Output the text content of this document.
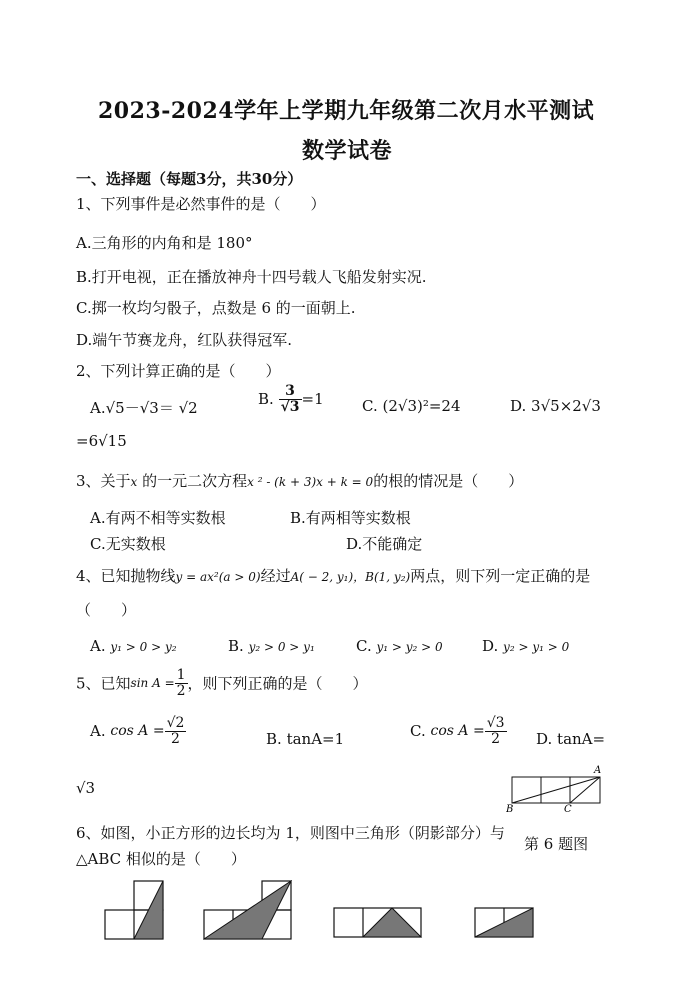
2023-2024学年上学期九年级第二次月水平测试
数学试卷
一、选择题（每题3分，共30分）
1、下列事件是必然事件的是（　　）
A.三角形的内角和是 180°
B.打开电视，正在播放神舟十四号载人飞船发射实况.
C.掷一枚均匀骰子，点数是 6 的一面朝上.
D.端午节赛龙舟，红队获得冠军.
2、下列计算正确的是（　　）
A.√5－√3＝ √2	B. $\frac{3}{√3} =1$	C. (2√3)²=24	D. 3√5×2√3
=6√15
3、关于x 的一元二次方程x ² - (k + 3)x + k = 0的根的情况是（　　）
A.有两不相等实数根	B.有两相等实数根
C.无实数根	D.不能确定
4、已知抛物线y = ax²(a > 0)经过A( − 2, y₁)，B(1, y₂)两点，则下列一定正确的是
（　　）
A. y₁ > 0 > y₂	B. y₂ > 0 > y₁	C. y₁ > y₂ > 0	D. y₂ > y₁ > 0
5、已知$\sin A = \frac{1}{2}$ ，则下列正确的是（　　）
A. $\cos A = \frac{√2}{2}$	B. tanA=1	C. $\cos A = \frac{√3}{2} D$. tanA=
√3
A
B	C
6、如图，小正方形的边长均为 1，则图中三角形（阴影部分）与
第 6 题图
△ABC 相似的是（　　）
